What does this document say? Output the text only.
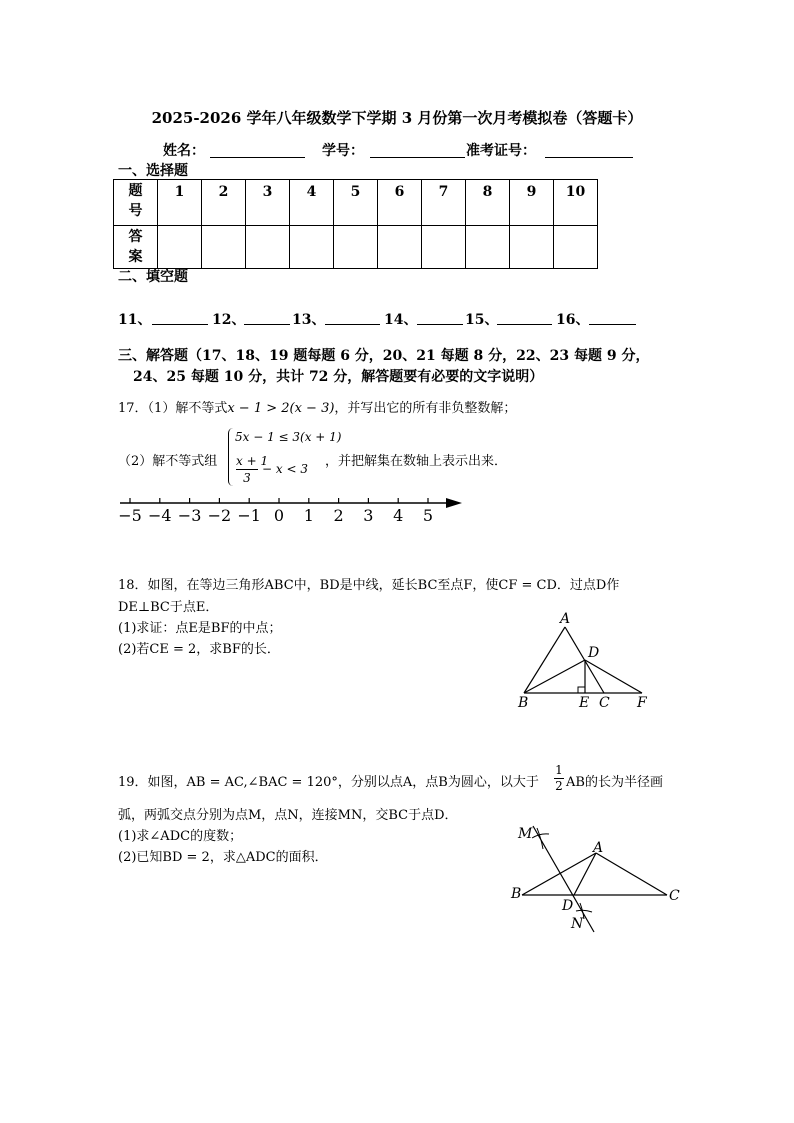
2025-2026 学年八年级数学下学期 3 月份第一次月考模拟卷（答题卡）
姓名：	学号：	准考证号：
一、选择题
题
号	1	2	3	4	5	6	7	8	9	10
答
案										
二、填空题
11、	12、	13、	14、	15、	16、
三、解答题（17、18、19 题每题 6 分，20、21 每题 8 分，22、23 每题 9 分，
24、25 每题 10 分，共计 72 分，解答题要有必要的文字说明）
17．（1）解不等式x − 1 > 2(x − 3)，并写出它的所有非负整数解；
（2）解不等式组
5x − 1 ≤ 3(x + 1)
x + 1
3
− x < 3 ，并把解集在数轴上表示出来．
−5 −4 −3 −2 −1 0	1	2	3	4	5
18．如图，在等边三角形ABC中，BD是中线，延长BC至点F，使CF = CD．过点D作
DE⊥BC于点E．
(1)求证：点E是BF的中点；
(2)若CE = 2，求BF的长．
A
D
B	E C F
19．如图，AB = AC,∠BAC = 120°，分别以点A，点B为圆心，以大于
1
2 AB的长为半径画
弧，两弧交点分别为点M，点N，连接MN，交BC于点D．
(1)求∠ADC的度数；
(2)已知BD = 2，求△ADC的面积．
M
A
B
D
C
N
